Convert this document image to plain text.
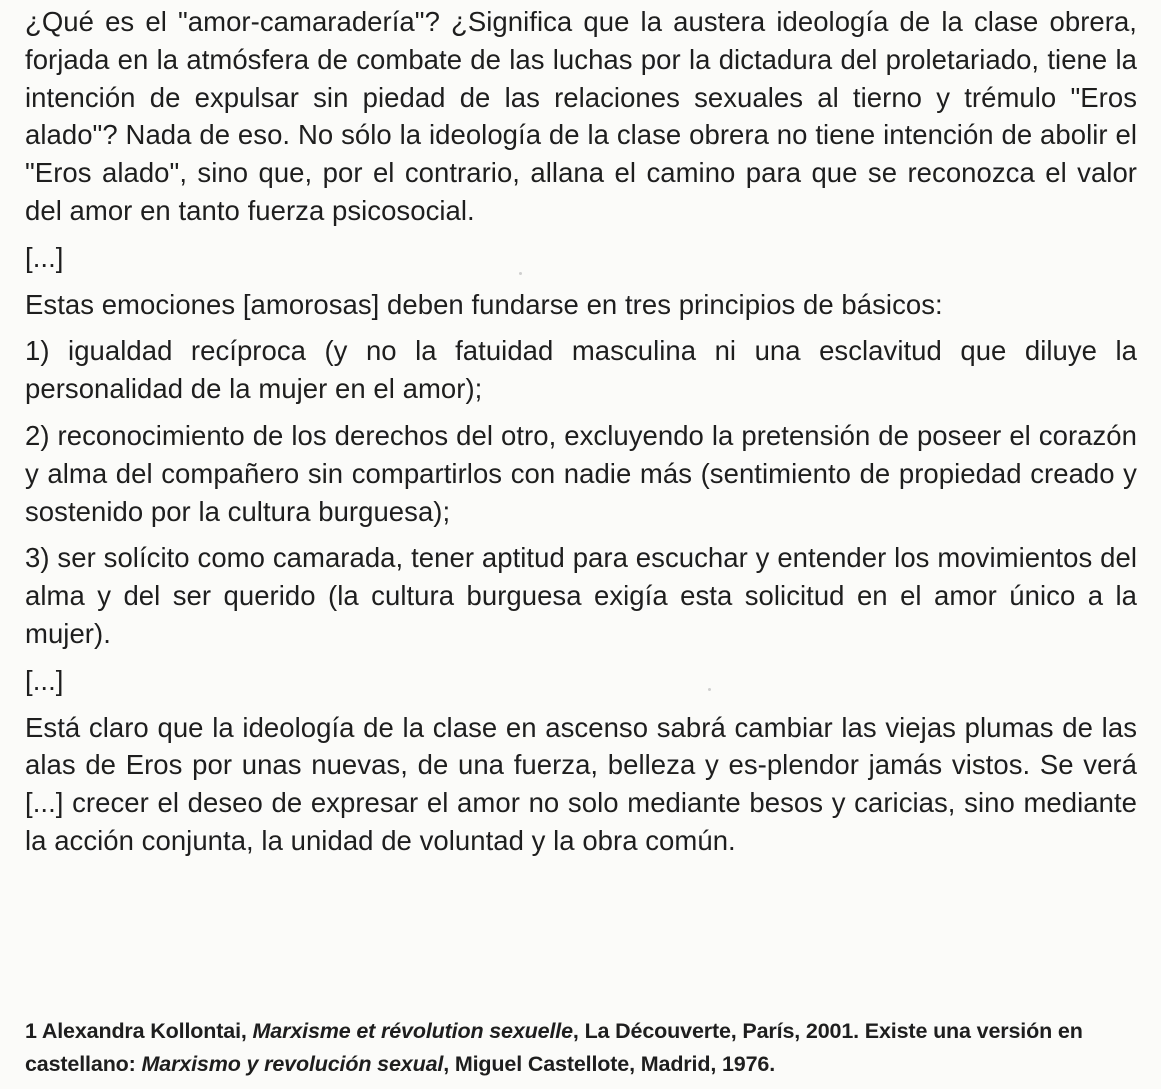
¿Qué es el "amor-camaradería"? ¿Significa que la austera ideología de la clase obrera, forjada en la atmósfera de combate de las luchas por la dictadura del proletariado, tiene la intención de expulsar sin piedad de las relaciones sexuales al tierno y trémulo "Eros alado"? Nada de eso. No sólo la ideología de la clase obrera no tiene intención de abolir el "Eros alado", sino que, por el contrario, allana el camino para que se reconozca el valor del amor en tanto fuerza psicosocial.

[...]

Estas emociones [amorosas] deben fundarse en tres principios de básicos:

1) igualdad recíproca (y no la fatuidad masculina ni una esclavitud que diluye la personalidad de la mujer en el amor);

2) reconocimiento de los derechos del otro, excluyendo la pretensión de poseer el corazón y alma del compañero sin compartirlos con nadie más (sentimiento de propiedad creado y sostenido por la cultura burguesa);

3) ser solícito como camarada, tener aptitud para escuchar y entender los movimientos del alma y del ser querido (la cultura burguesa exigía esta solicitud en el amor único a la mujer).

[...]

Está claro que la ideología de la clase en ascenso sabrá cambiar las viejas plumas de las alas de Eros por unas nuevas, de una fuerza, belleza y es-plendor jamás vistos. Se verá [...] crecer el deseo de expresar el amor no solo mediante besos y caricias, sino mediante la acción conjunta, la unidad de voluntad y la obra común.

1 Alexandra Kollontai, Marxisme et révolution sexuelle, La Découverte, París, 2001. Existe una versión en castellano: Marxismo y revolución sexual, Miguel Castellote, Madrid, 1976.
